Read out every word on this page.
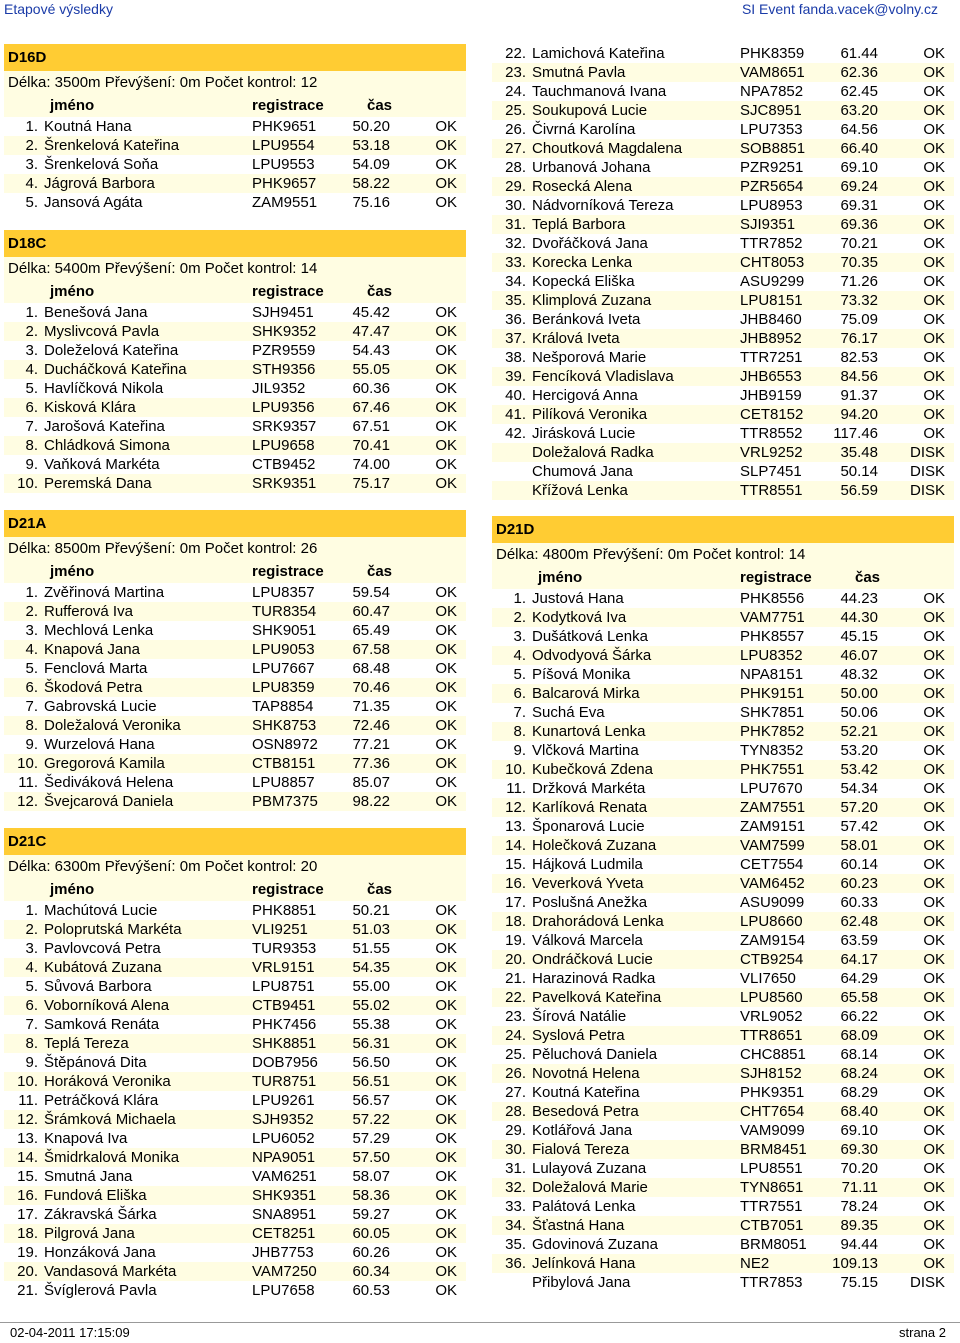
Etapové výsledky	SI Event fanda.vacek@volny.cz
D16D
Délka: 3500m Převýšení: 0m Počet kontrol: 12
jméno	registrace	čas
1. Koutná Hana	PHK9651	50.20	OK
2. Šrenkelová Kateřina	LPU9554	53.18	OK
3. Šrenkelová Soňa	LPU9553	54.09	OK
4. Jágrová Barbora	PHK9657	58.22	OK
5. Jansová Agáta	ZAM9551	75.16	OK
D18C
Délka: 5400m Převýšení: 0m Počet kontrol: 14
jméno	registrace	čas
1. Benešová Jana	SJH9451	45.42	OK
2. Myslivcová Pavla	SHK9352	47.47	OK
3. Doleželová Kateřina	PZR9559	54.43	OK
4. Ducháčková Kateřina	STH9356	55.05	OK
5. Havlíčková Nikola	JIL9352	60.36	OK
6. Kisková Klára	LPU9356	67.46	OK
7. Jarošová Kateřina	SRK9357	67.51	OK
8. Chládková Simona	LPU9658	70.41	OK
9. Vaňková Markéta	CTB9452	74.00	OK
10. Peremská Dana	SRK9351	75.17	OK
D21A
Délka: 8500m Převýšení: 0m Počet kontrol: 26
jméno	registrace	čas
1. Zvěřinová Martina	LPU8357	59.54	OK
2. Rufferová Iva	TUR8354	60.47	OK
3. Mechlová Lenka	SHK9051	65.49	OK
4. Knapová Jana	LPU9053	67.58	OK
5. Fenclová Marta	LPU7667	68.48	OK
6. Škodová Petra	LPU8359	70.46	OK
7. Gabrovská Lucie	TAP8854	71.35	OK
8. Doležalová Veronika	SHK8753	72.46	OK
9. Wurzelová Hana	OSN8972	77.21	OK
10. Gregorová Kamila	CTB8151	77.36	OK
11. Šediváková Helena	LPU8857	85.07	OK
12. Švejcarová Daniela	PBM7375	98.22	OK
D21C
Délka: 6300m Převýšení: 0m Počet kontrol: 20
jméno	registrace	čas
1. Machútová Lucie	PHK8851	50.21	OK
2. Poloprutská Markéta	VLI9251	51.03	OK
3. Pavlovcová Petra	TUR9353	51.55	OK
4. Kubátová Zuzana	VRL9151	54.35	OK
5. Sůvová Barbora	LPU8751	55.00	OK
6. Voborníková Alena	CTB9451	55.02	OK
7. Samková Renáta	PHK7456	55.38	OK
8. Teplá Tereza	SHK8851	56.31	OK
9. Štěpánová Dita	DOB7956	56.50	OK
10. Horáková Veronika	TUR8751	56.51	OK
11. Petráčková Klára	LPU9261	56.57	OK
12. Šrámková Michaela	SJH9352	57.22	OK
13. Knapová Iva	LPU6052	57.29	OK
14. Šmidrkalová Monika	NPA9051	57.50	OK
15. Smutná Jana	VAM6251	58.07	OK
16. Fundová Eliška	SHK9351	58.36	OK
17. Zákravská Šárka	SNA8951	59.27	OK
18. Pilgrová Jana	CET8251	60.05	OK
19. Honzáková Jana	JHB7753	60.26	OK
20. Vandasová Markéta	VAM7250	60.34	OK
21. Švíglerová Pavla	LPU7658	60.53	OK
22. Lamichová Kateřina	PHK8359	61.44	OK
23. Smutná Pavla	VAM8651	62.36	OK
24. Tauchmanová Ivana	NPA7852	62.45	OK
25. Soukupová Lucie	SJC8951	63.20	OK
26. Čivrná Karolína	LPU7353	64.56	OK
27. Choutková Magdalena	SOB8851	66.40	OK
28. Urbanová Johana	PZR9251	69.10	OK
29. Rosecká Alena	PZR5654	69.24	OK
30. Nádvorníková Tereza	LPU8953	69.31	OK
31. Teplá Barbora	SJI9351	69.36	OK
32. Dvořáčková Jana	TTR7852	70.21	OK
33. Korecka Lenka	CHT8053	70.35	OK
34. Kopecká Eliška	ASU9299	71.26	OK
35. Klimplová Zuzana	LPU8151	73.32	OK
36. Beránková Iveta	JHB8460	75.09	OK
37. Králová Iveta	JHB8952	76.17	OK
38. Nešporová Marie	TTR7251	82.53	OK
39. Fencíková Vladislava	JHB6553	84.56	OK
40. Hercigová Anna	JHB9159	91.37	OK
41. Pilíková Veronika	CET8152	94.20	OK
42. Jirásková Lucie	TTR8552	117.46	OK
Doležalová Radka	VRL9252	35.48	DISK
Chumová Jana	SLP7451	50.14	DISK
Křížová Lenka	TTR8551	56.59	DISK
D21D
Délka: 4800m Převýšení: 0m Počet kontrol: 14
jméno	registrace	čas
1. Justová Hana	PHK8556	44.23	OK
2. Kodytková Iva	VAM7751	44.30	OK
3. Dušátková Lenka	PHK8557	45.15	OK
4. Odvodyová Šárka	LPU8352	46.07	OK
5. Píšová Monika	NPA8151	48.32	OK
6. Balcarová Mirka	PHK9151	50.00	OK
7. Suchá Eva	SHK7851	50.06	OK
8. Kunartová Lenka	PHK7852	52.21	OK
9. Vlčková Martina	TYN8352	53.20	OK
10. Kubečková Zdena	PHK7551	53.42	OK
11. Držková Markéta	LPU7670	54.34	OK
12. Karlíková Renata	ZAM7551	57.20	OK
13. Šponarová Lucie	ZAM9151	57.42	OK
14. Holečková Zuzana	VAM7599	58.01	OK
15. Hájková Ludmila	CET7554	60.14	OK
16. Veverková Yveta	VAM6452	60.23	OK
17. Poslušná Anežka	ASU9099	60.33	OK
18. Drahorádová Lenka	LPU8660	62.48	OK
19. Válková Marcela	ZAM9154	63.59	OK
20. Ondráčková Lucie	CTB9254	64.17	OK
21. Harazinová Radka	VLI7650	64.29	OK
22. Pavelková Kateřina	LPU8560	65.58	OK
23. Šírová Natálie	VRL9052	66.22	OK
24. Syslová Petra	TTR8651	68.09	OK
25. Pěluchová Daniela	CHC8851	68.14	OK
26. Novotná Helena	SJH8152	68.24	OK
27. Koutná Kateřina	PHK9351	68.29	OK
28. Besedová Petra	CHT7654	68.40	OK
29. Kotlářová Jana	VAM9099	69.10	OK
30. Fialová Tereza	BRM8451	69.30	OK
31. Lulayová Zuzana	LPU8551	70.20	OK
32. Doležalová Marie	TYN8651	71.11	OK
33. Palátová Lenka	TTR7551	78.24	OK
34. Šťastná Hana	CTB7051	89.35	OK
35. Gdovinová Zuzana	BRM8051	94.44	OK
36. Jelínková Hana	NE2	109.13	OK
Přibylová Jana	TTR7853	75.15	DISK
02-04-2011 17:15:09	strana 2
